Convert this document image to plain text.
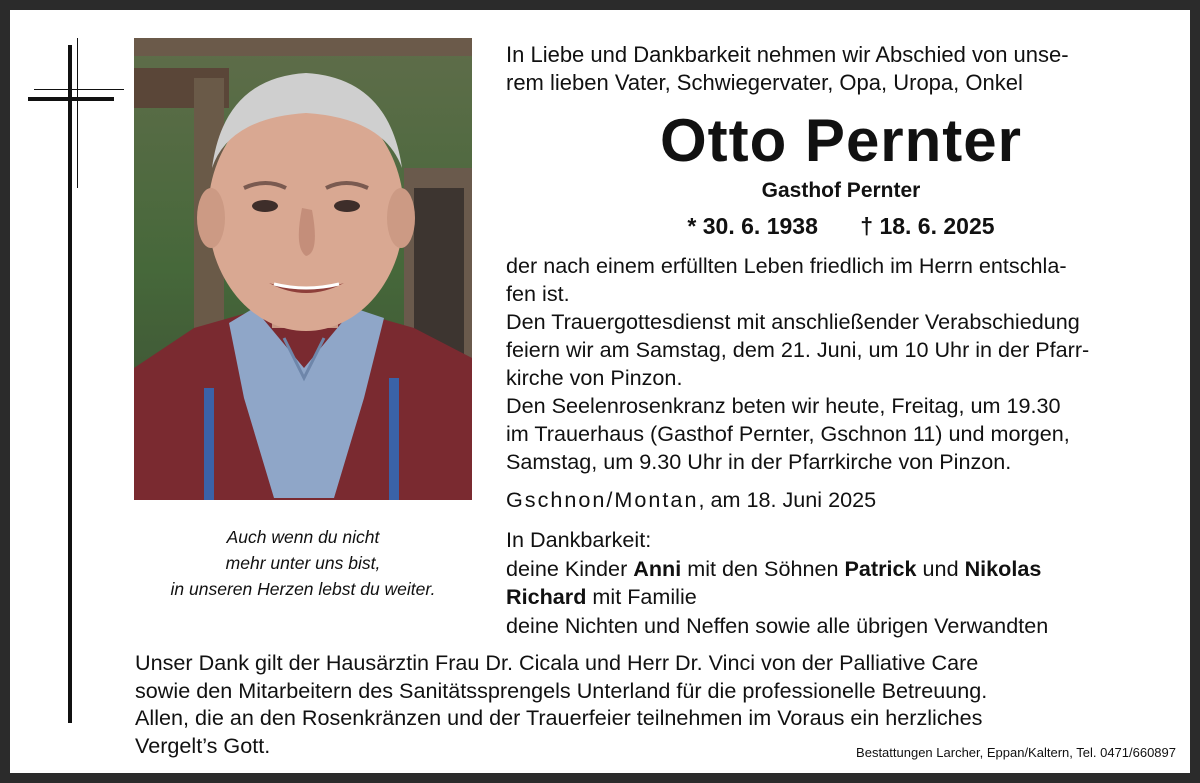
Auch wenn du nicht
mehr unter uns bist,
in unseren Herzen lebst du weiter.
In Liebe und Dankbarkeit nehmen wir Abschied von unse-
rem lieben Vater, Schwiegervater, Opa, Uropa, Onkel
Otto Pernter
Gasthof Pernter
* 30. 6. 1938 † 18. 6. 2025
der nach einem erfüllten Leben friedlich im Herrn entschla-
fen ist.
Den Trauergottesdienst mit anschließender Verabschiedung
feiern wir am Samstag, dem 21. Juni, um 10 Uhr in der Pfarr-
kirche von Pinzon.
Den Seelenrosenkranz beten wir heute, Freitag, um 19.30
im Trauerhaus (Gasthof Pernter, Gschnon 11) und morgen,
Samstag, um 9.30 Uhr in der Pfarrkirche von Pinzon.
Gschnon/Montan, am 18. Juni 2025
In Dankbarkeit:
deine Kinder Anni mit den Söhnen Patrick und Nikolas
Richard mit Familie
deine Nichten und Neffen sowie alle übrigen Verwandten
Unser Dank gilt der Hausärztin Frau Dr. Cicala und Herr Dr. Vinci von der Palliative Care
sowie den Mitarbeitern des Sanitätssprengels Unterland für die professionelle Betreuung.
Allen, die an den Rosenkränzen und der Trauerfeier teilnehmen im Voraus ein herzliches
Vergelt’s Gott.	Bestattungen Larcher, Eppan/Kaltern, Tel. 0471/660897
